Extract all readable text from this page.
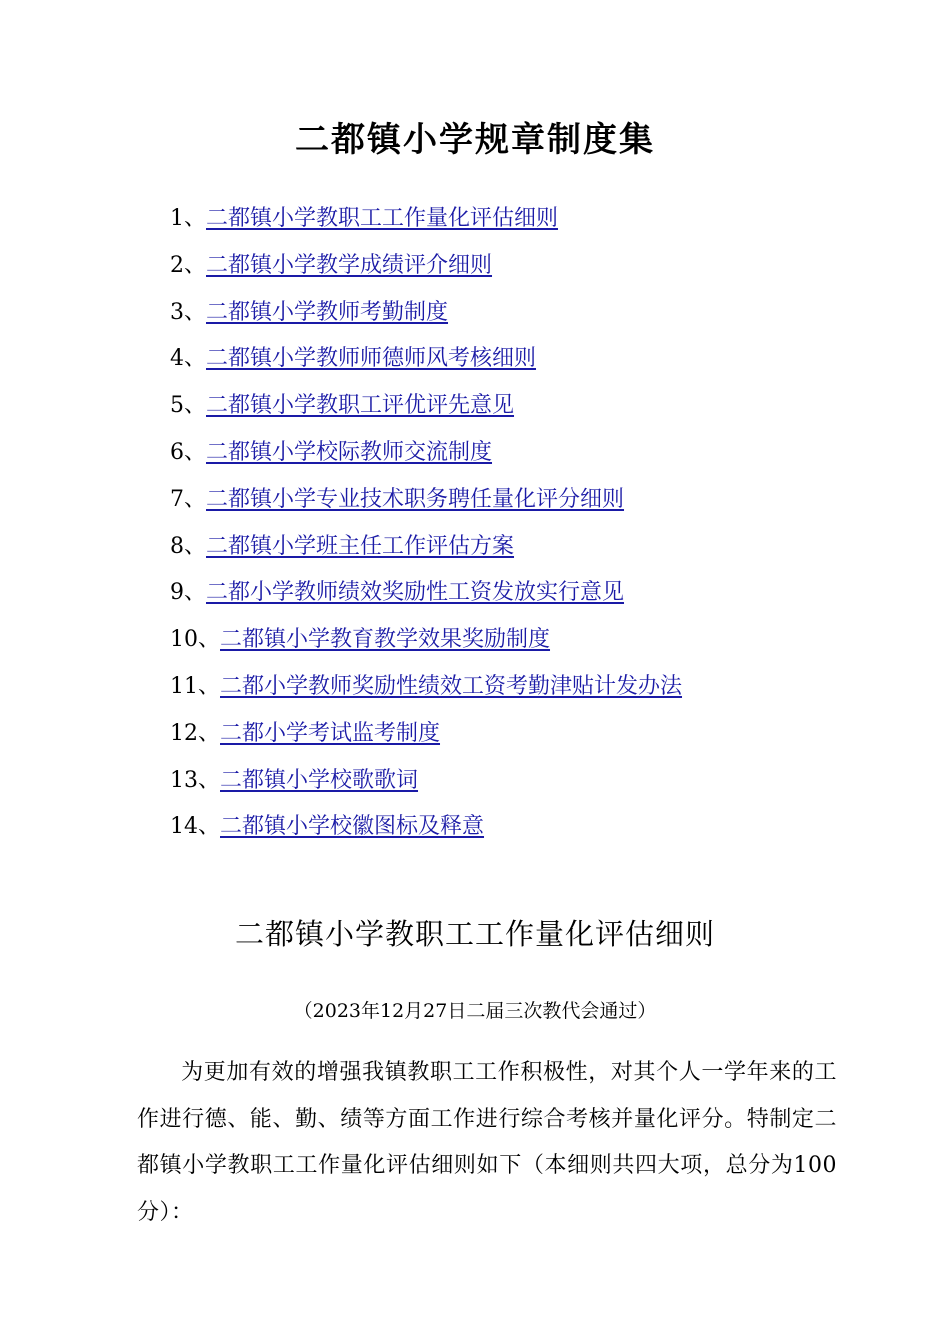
二都镇小学规章制度集
1、二都镇小学教职工工作量化评估细则
2、二都镇小学教学成绩评介细则
3、二都镇小学教师考勤制度
4、二都镇小学教师师德师风考核细则
5、二都镇小学教职工评优评先意见
6、二都镇小学校际教师交流制度
7、二都镇小学专业技术职务聘任量化评分细则
8、二都镇小学班主任工作评估方案
9、二都小学教师绩效奖励性工资发放实行意见
10、二都镇小学教育教学效果奖励制度
11、二都小学教师奖励性绩效工资考勤津贴计发办法
12、二都小学考试监考制度
13、二都镇小学校歌歌词
14、二都镇小学校徽图标及释意
二都镇小学教职工工作量化评估细则
（2023年12月27日二届三次教代会通过）
为更加有效的增强我镇教职工工作积极性，对其个人一学年来的工作进行德、能、勤、绩等方面工作进行综合考核并量化评分。特制定二都镇小学教职工工作量化评估细则如下（本细则共四大项，总分为100分）：
